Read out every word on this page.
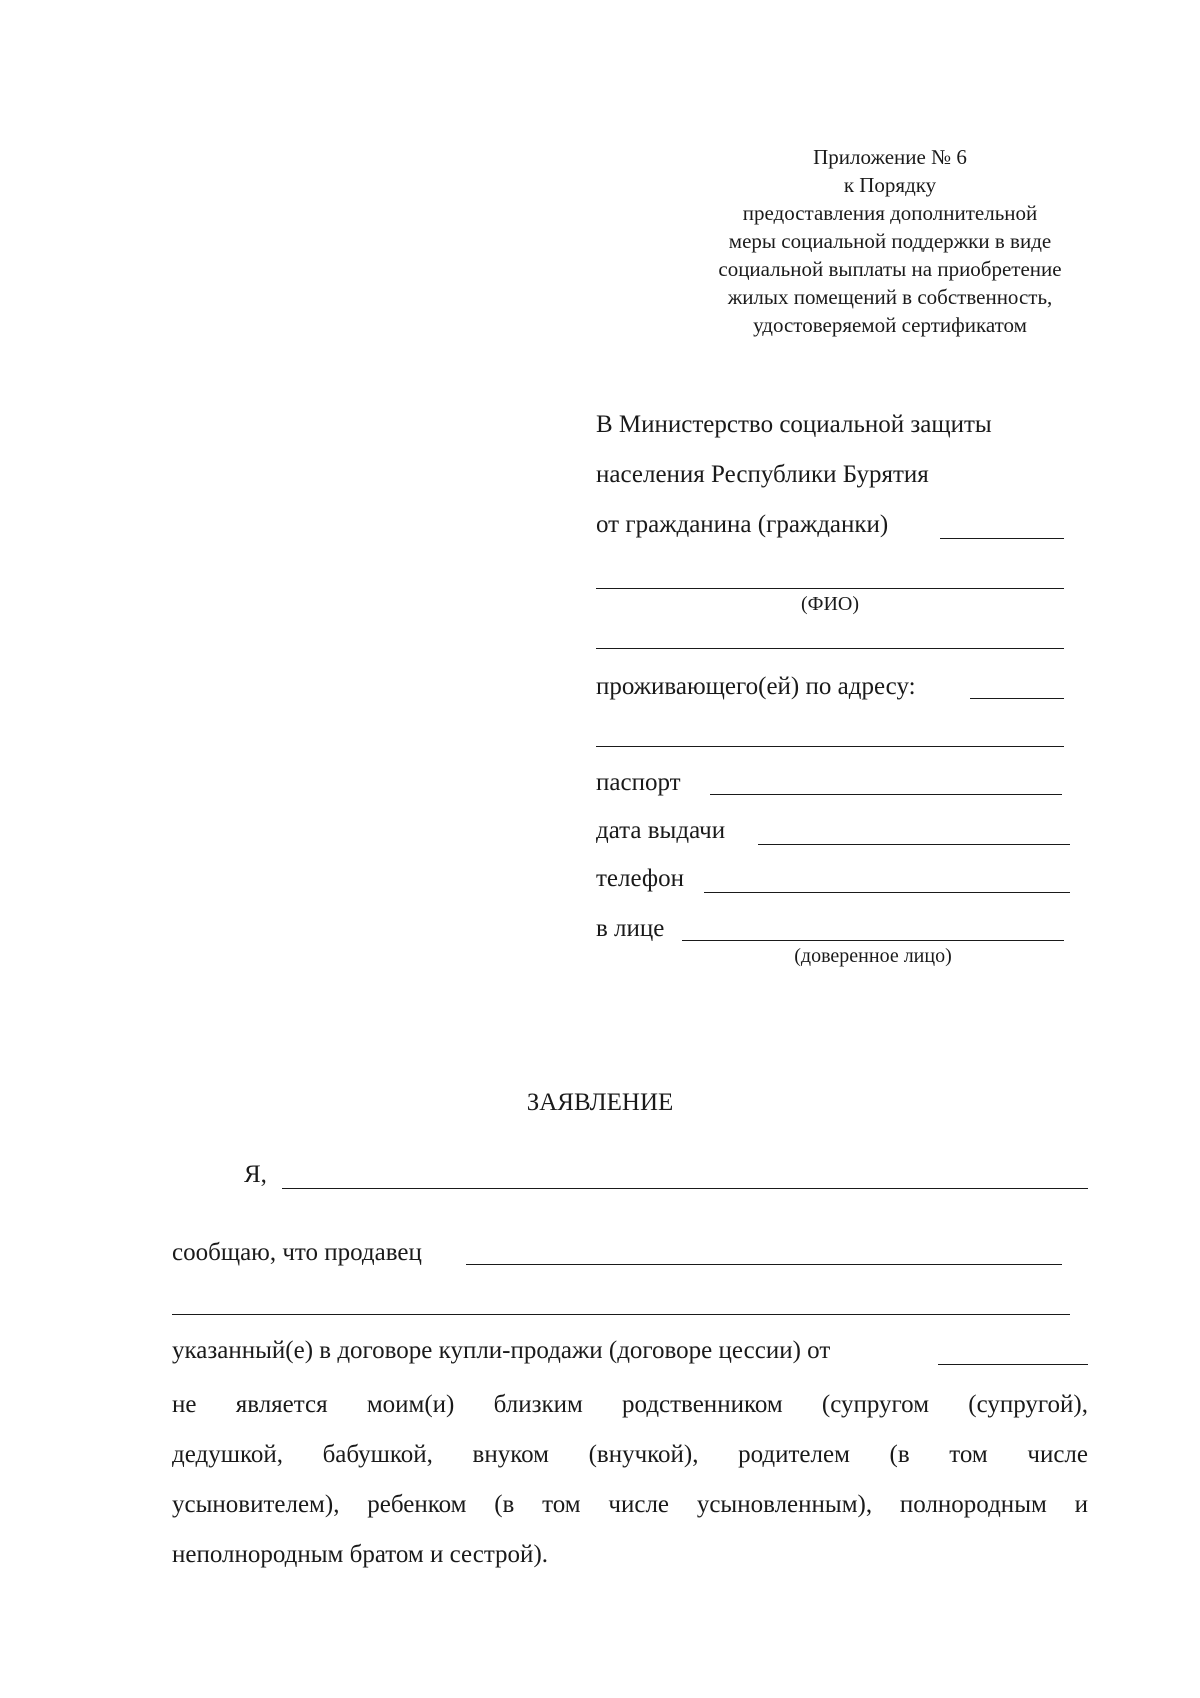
Приложение № 6
к Порядку
предоставления дополнительной
меры социальной поддержки в виде
социальной выплаты на приобретение
жилых помещений в собственность,
удостоверяемой сертификатом
В Министерство социальной защиты
населения Республики Бурятия
от гражданина (гражданки)
(ФИО)
проживающего(ей) по адресу:
паспорт
дата выдачи
телефон
в лице
(доверенное лицо)
ЗАЯВЛЕНИЕ
Я,
сообщаю, что продавец
указанный(е) в договоре купли-продажи (договоре цессии) от
не является моим(и) близким родственником (супругом (супругой),
дедушкой, бабушкой, внуком (внучкой), родителем (в том числе
усыновителем), ребенком (в том числе усыновленным), полнородным и
неполнородным братом и сестрой).
